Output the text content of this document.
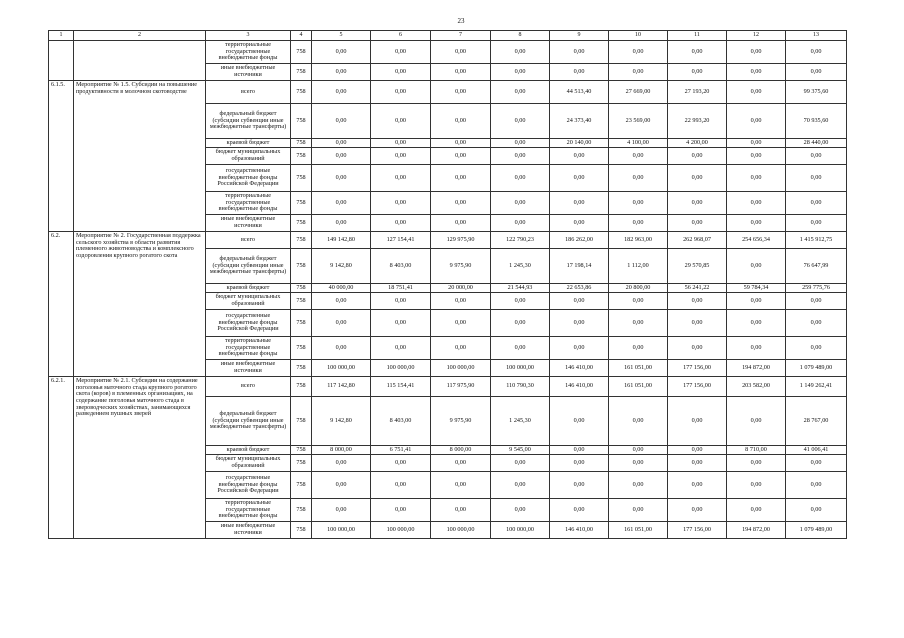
23
1	2	3	4	5	6	7	8	9	10	11	12	13
		территориальные государственные внебюджетные фонды	758	0,00	0,00	0,00	0,00	0,00	0,00	0,00	0,00	0,00
		иные внебюджетные источники	758	0,00	0,00	0,00	0,00	0,00	0,00	0,00	0,00	0,00
6.1.5.	Мероприятие № 1.5. Субсидии на повышение продуктивности в молочном скотоводстве	всего	758	0,00	0,00	0,00	0,00	44 513,40	27 669,00	27 193,20	0,00	99 375,60
		федеральный бюджет (субсидии субвенции иные межбюджетные трансферты)	758	0,00	0,00	0,00	0,00	24 373,40	23 569,00	22 993,20	0,00	70 935,60
		краевой бюджет	758	0,00	0,00	0,00	0,00	20 140,00	4 100,00	4 200,00	0,00	28 440,00
		бюджет муниципальных образований	758	0,00	0,00	0,00	0,00	0,00	0,00	0,00	0,00	0,00
		государственные внебюджетные фонды Российской Федерации	758	0,00	0,00	0,00	0,00	0,00	0,00	0,00	0,00	0,00
		территориальные государственные внебюджетные фонды	758	0,00	0,00	0,00	0,00	0,00	0,00	0,00	0,00	0,00
		иные внебюджетные источники	758	0,00	0,00	0,00	0,00	0,00	0,00	0,00	0,00	0,00
6.2.	Мероприятие № 2. Государственная поддержка сельского хозяйства в области развития племенного животноводства и комплексного оздоровления крупного рогатого скота	всего	758	149 142,80	127 154,41	129 975,90	122 790,23	186 262,00	182 963,00	262 968,07	254 656,34	1 415 912,75
		федеральный бюджет (субсидии субвенции иные межбюджетные трансферты)	758	9 142,80	8 403,00	9 975,90	1 245,30	17 198,14	1 112,00	29 570,85	0,00	76 647,99
		краевой бюджет	758	40 000,00	18 751,41	20 000,00	21 544,93	22 653,86	20 800,00	56 241,22	59 784,34	259 775,76
		бюджет муниципальных образований	758	0,00	0,00	0,00	0,00	0,00	0,00	0,00	0,00	0,00
		государственные внебюджетные фонды Российской Федерации	758	0,00	0,00	0,00	0,00	0,00	0,00	0,00	0,00	0,00
		территориальные государственные внебюджетные фонды	758	0,00	0,00	0,00	0,00	0,00	0,00	0,00	0,00	0,00
		иные внебюджетные источники	758	100 000,00	100 000,00	100 000,00	100 000,00	146 410,00	161 051,00	177 156,00	194 872,00	1 079 489,00
6.2.1.	Мероприятие № 2.1. Субсидии на содержание поголовья маточного стада крупного рогатого скота (коров) в племенных организациях, на содержание поголовья маточного стада в звероводческих хозяйствах, занимающихся разведением пушных зверей	всего	758	117 142,80	115 154,41	117 975,90	110 790,30	146 410,00	161 051,00	177 156,00	203 582,00	1 149 262,41
		федеральный бюджет (субсидии субвенции иные межбюджетные трансферты)	758	9 142,80	8 403,00	9 975,90	1 245,30	0,00	0,00	0,00	0,00	28 767,00
		краевой бюджет	758	8 000,00	6 751,41	8 000,00	9 545,00	0,00	0,00	0,00	8 710,00	41 006,41
		бюджет муниципальных образований	758	0,00	0,00	0,00	0,00	0,00	0,00	0,00	0,00	0,00
		государственные внебюджетные фонды Российской Федерации	758	0,00	0,00	0,00	0,00	0,00	0,00	0,00	0,00	0,00
		территориальные государственные внебюджетные фонды	758	0,00	0,00	0,00	0,00	0,00	0,00	0,00	0,00	0,00
		иные внебюджетные источники	758	100 000,00	100 000,00	100 000,00	100 000,00	146 410,00	161 051,00	177 156,00	194 872,00	1 079 489,00
